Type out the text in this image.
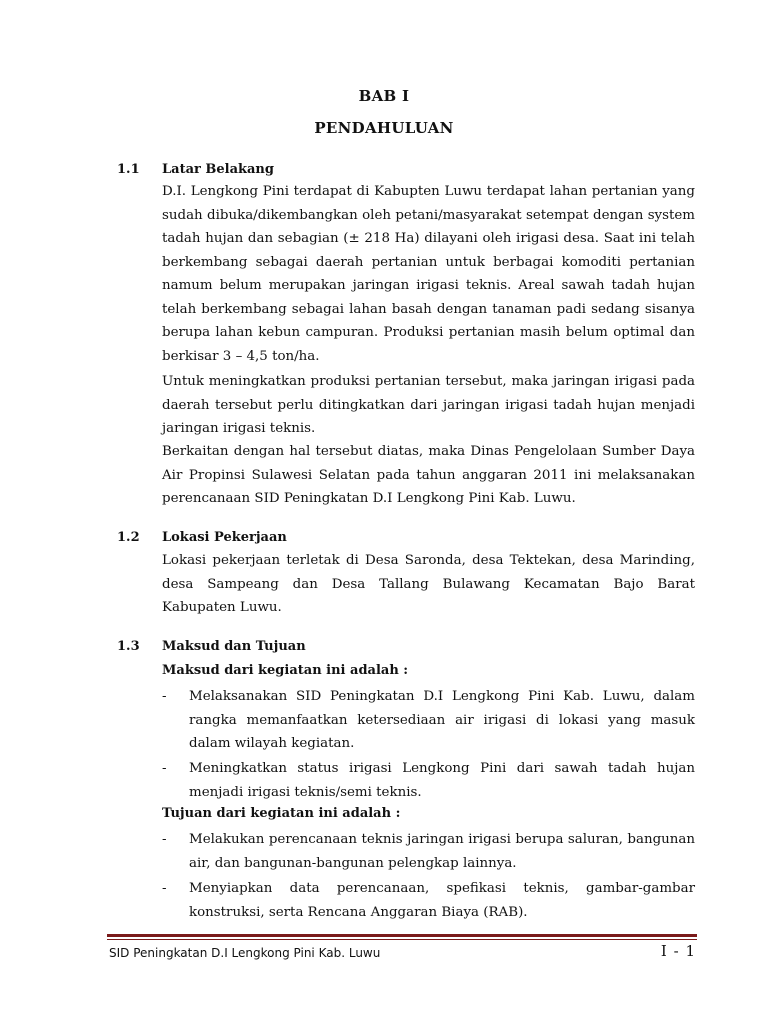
BAB I
PENDAHULUAN
1.1 Latar Belakang
D.I. Lengkong Pini terdapat di Kabupten Luwu terdapat lahan pertanian yang sudah dibuka/dikembangkan oleh petani/masyarakat setempat dengan system tadah hujan dan sebagian (± 218 Ha) dilayani oleh irigasi desa. Saat ini telah berkembang sebagai daerah pertanian untuk berbagai komoditi pertanian namum belum merupakan jaringan irigasi teknis. Areal sawah tadah hujan telah berkembang sebagai lahan basah dengan tanaman padi sedang sisanya berupa lahan kebun campuran. Produksi pertanian masih belum optimal dan berkisar 3 – 4,5 ton/ha.
Untuk meningkatkan produksi pertanian tersebut, maka jaringan irigasi pada daerah tersebut perlu ditingkatkan dari jaringan irigasi tadah hujan menjadi jaringan irigasi teknis.
Berkaitan dengan hal tersebut diatas, maka Dinas Pengelolaan Sumber Daya Air Propinsi Sulawesi Selatan pada tahun anggaran 2011 ini melaksanakan perencanaan SID Peningkatan D.I Lengkong Pini Kab. Luwu.
1.2 Lokasi Pekerjaan
Lokasi pekerjaan terletak di Desa Saronda, desa Tektekan, desa Marinding, desa Sampeang dan Desa Tallang Bulawang Kecamatan Bajo Barat Kabupaten Luwu.
1.3 Maksud dan Tujuan
Maksud dari kegiatan ini adalah :
- Melaksanakan SID Peningkatan D.I Lengkong Pini Kab. Luwu, dalam rangka memanfaatkan ketersediaan air irigasi di lokasi yang masuk dalam wilayah kegiatan.
- Meningkatkan status irigasi Lengkong Pini dari sawah tadah hujan menjadi irigasi teknis/semi teknis.
Tujuan dari kegiatan ini adalah :
- Melakukan perencanaan teknis jaringan irigasi berupa saluran, bangunan air, dan bangunan-bangunan pelengkap lainnya.
- Menyiapkan data perencanaan, spefikasi teknis, gambar-gambar konstruksi, serta Rencana Anggaran Biaya (RAB).
SID Peningkatan D.I Lengkong Pini Kab. Luwu	I - 1
